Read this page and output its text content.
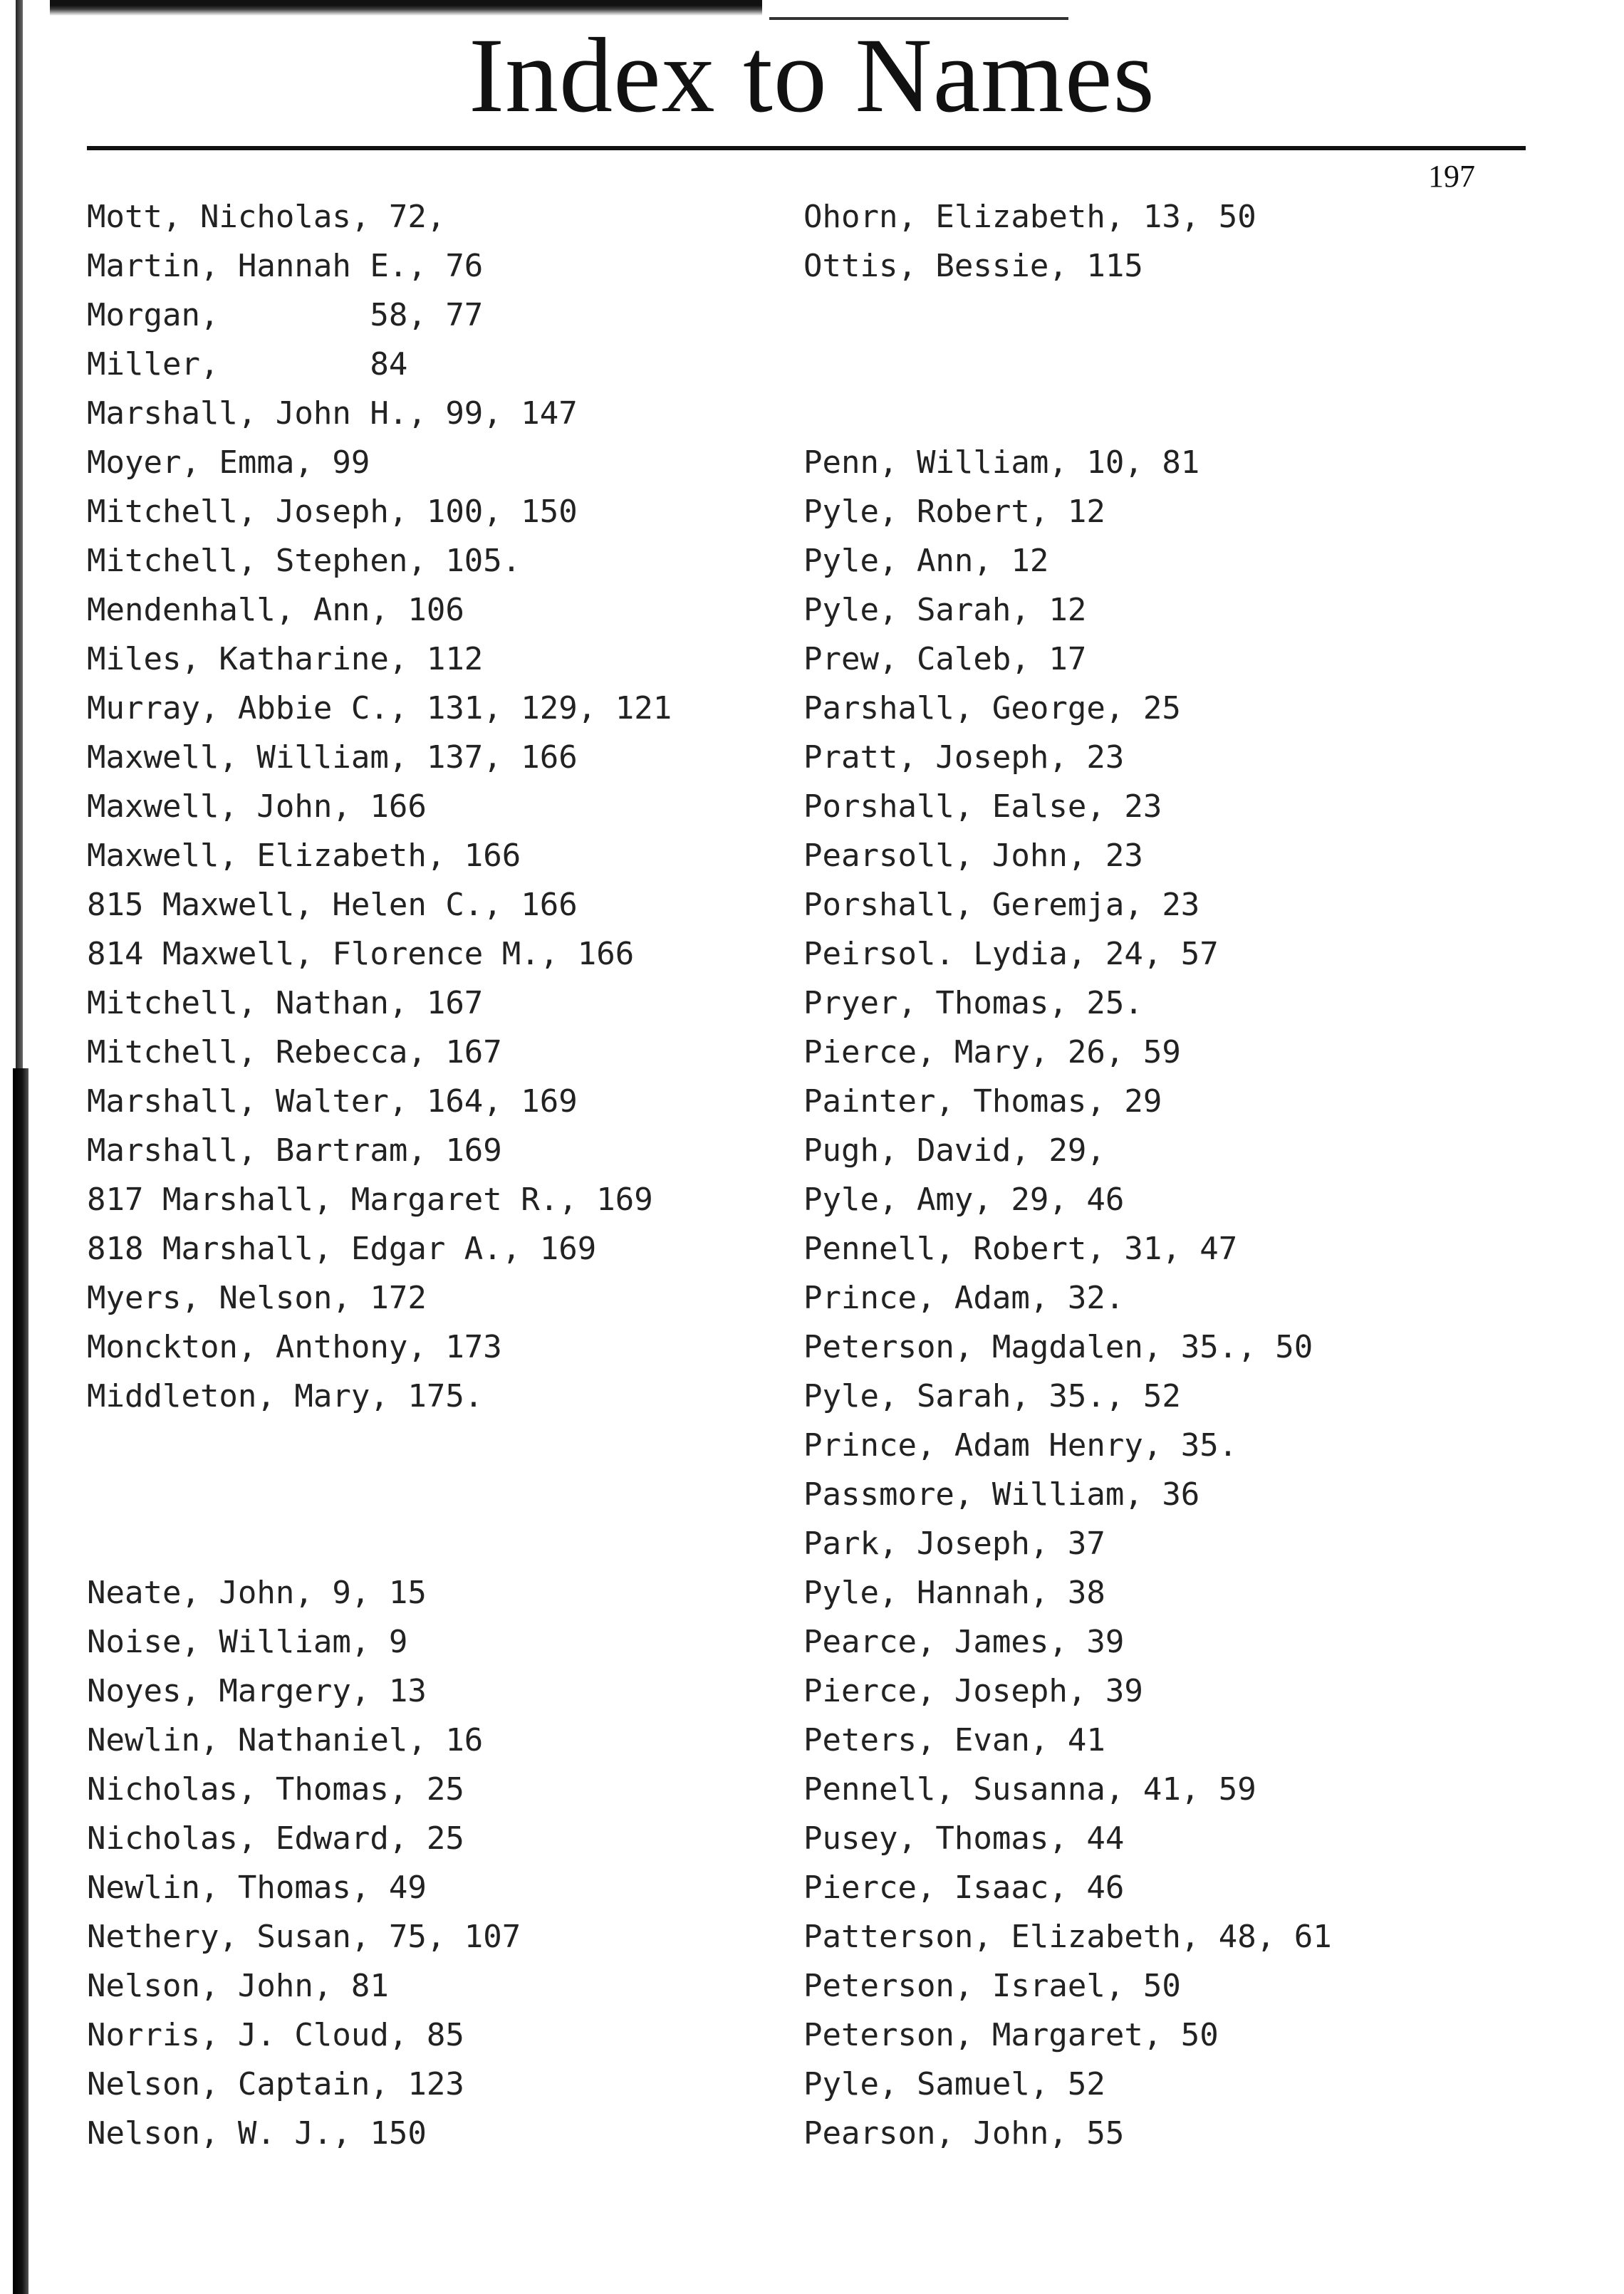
Index to Names
197
Mott, Nicholas, 72,
Martin, Hannah E., 76
Morgan,        58, 77
Miller,        84
Marshall, John H., 99, 147
Moyer, Emma, 99
Mitchell, Joseph, 100, 150
Mitchell, Stephen, 105.
Mendenhall, Ann, 106
Miles, Katharine, 112
Murray, Abbie C., 131, 129, 121
Maxwell, William, 137, 166
Maxwell, John, 166
Maxwell, Elizabeth, 166
815 Maxwell, Helen C., 166
814 Maxwell, Florence M., 166
Mitchell, Nathan, 167
Mitchell, Rebecca, 167
Marshall, Walter, 164, 169
Marshall, Bartram, 169
817 Marshall, Margaret R., 169
818 Marshall, Edgar A., 169
Myers, Nelson, 172
Monckton, Anthony, 173
Middleton, Mary, 175.
Neate, John, 9, 15
Noise, William, 9
Noyes, Margery, 13
Newlin, Nathaniel, 16
Nicholas, Thomas, 25
Nicholas, Edward, 25
Newlin, Thomas, 49
Nethery, Susan, 75, 107
Nelson, John, 81
Norris, J. Cloud, 85
Nelson, Captain, 123
Nelson, W. J., 150
Ohorn, Elizabeth, 13, 50
Ottis, Bessie, 115
Penn, William, 10, 81
Pyle, Robert, 12
Pyle, Ann, 12
Pyle, Sarah, 12
Prew, Caleb, 17
Parshall, George, 25
Pratt, Joseph, 23
Porshall, Ealse, 23
Pearsoll, John, 23
Porshall, Geremja, 23
Peirsol. Lydia, 24, 57
Pryer, Thomas, 25.
Pierce, Mary, 26, 59
Painter, Thomas, 29
Pugh, David, 29,
Pyle, Amy, 29, 46
Pennell, Robert, 31, 47
Prince, Adam, 32.
Peterson, Magdalen, 35., 50
Pyle, Sarah, 35., 52
Prince, Adam Henry, 35.
Passmore, William, 36
Park, Joseph, 37
Pyle, Hannah, 38
Pearce, James, 39
Pierce, Joseph, 39
Peters, Evan, 41
Pennell, Susanna, 41, 59
Pusey, Thomas, 44
Pierce, Isaac, 46
Patterson, Elizabeth, 48, 61
Peterson, Israel, 50
Peterson, Margaret, 50
Pyle, Samuel, 52
Pearson, John, 55
